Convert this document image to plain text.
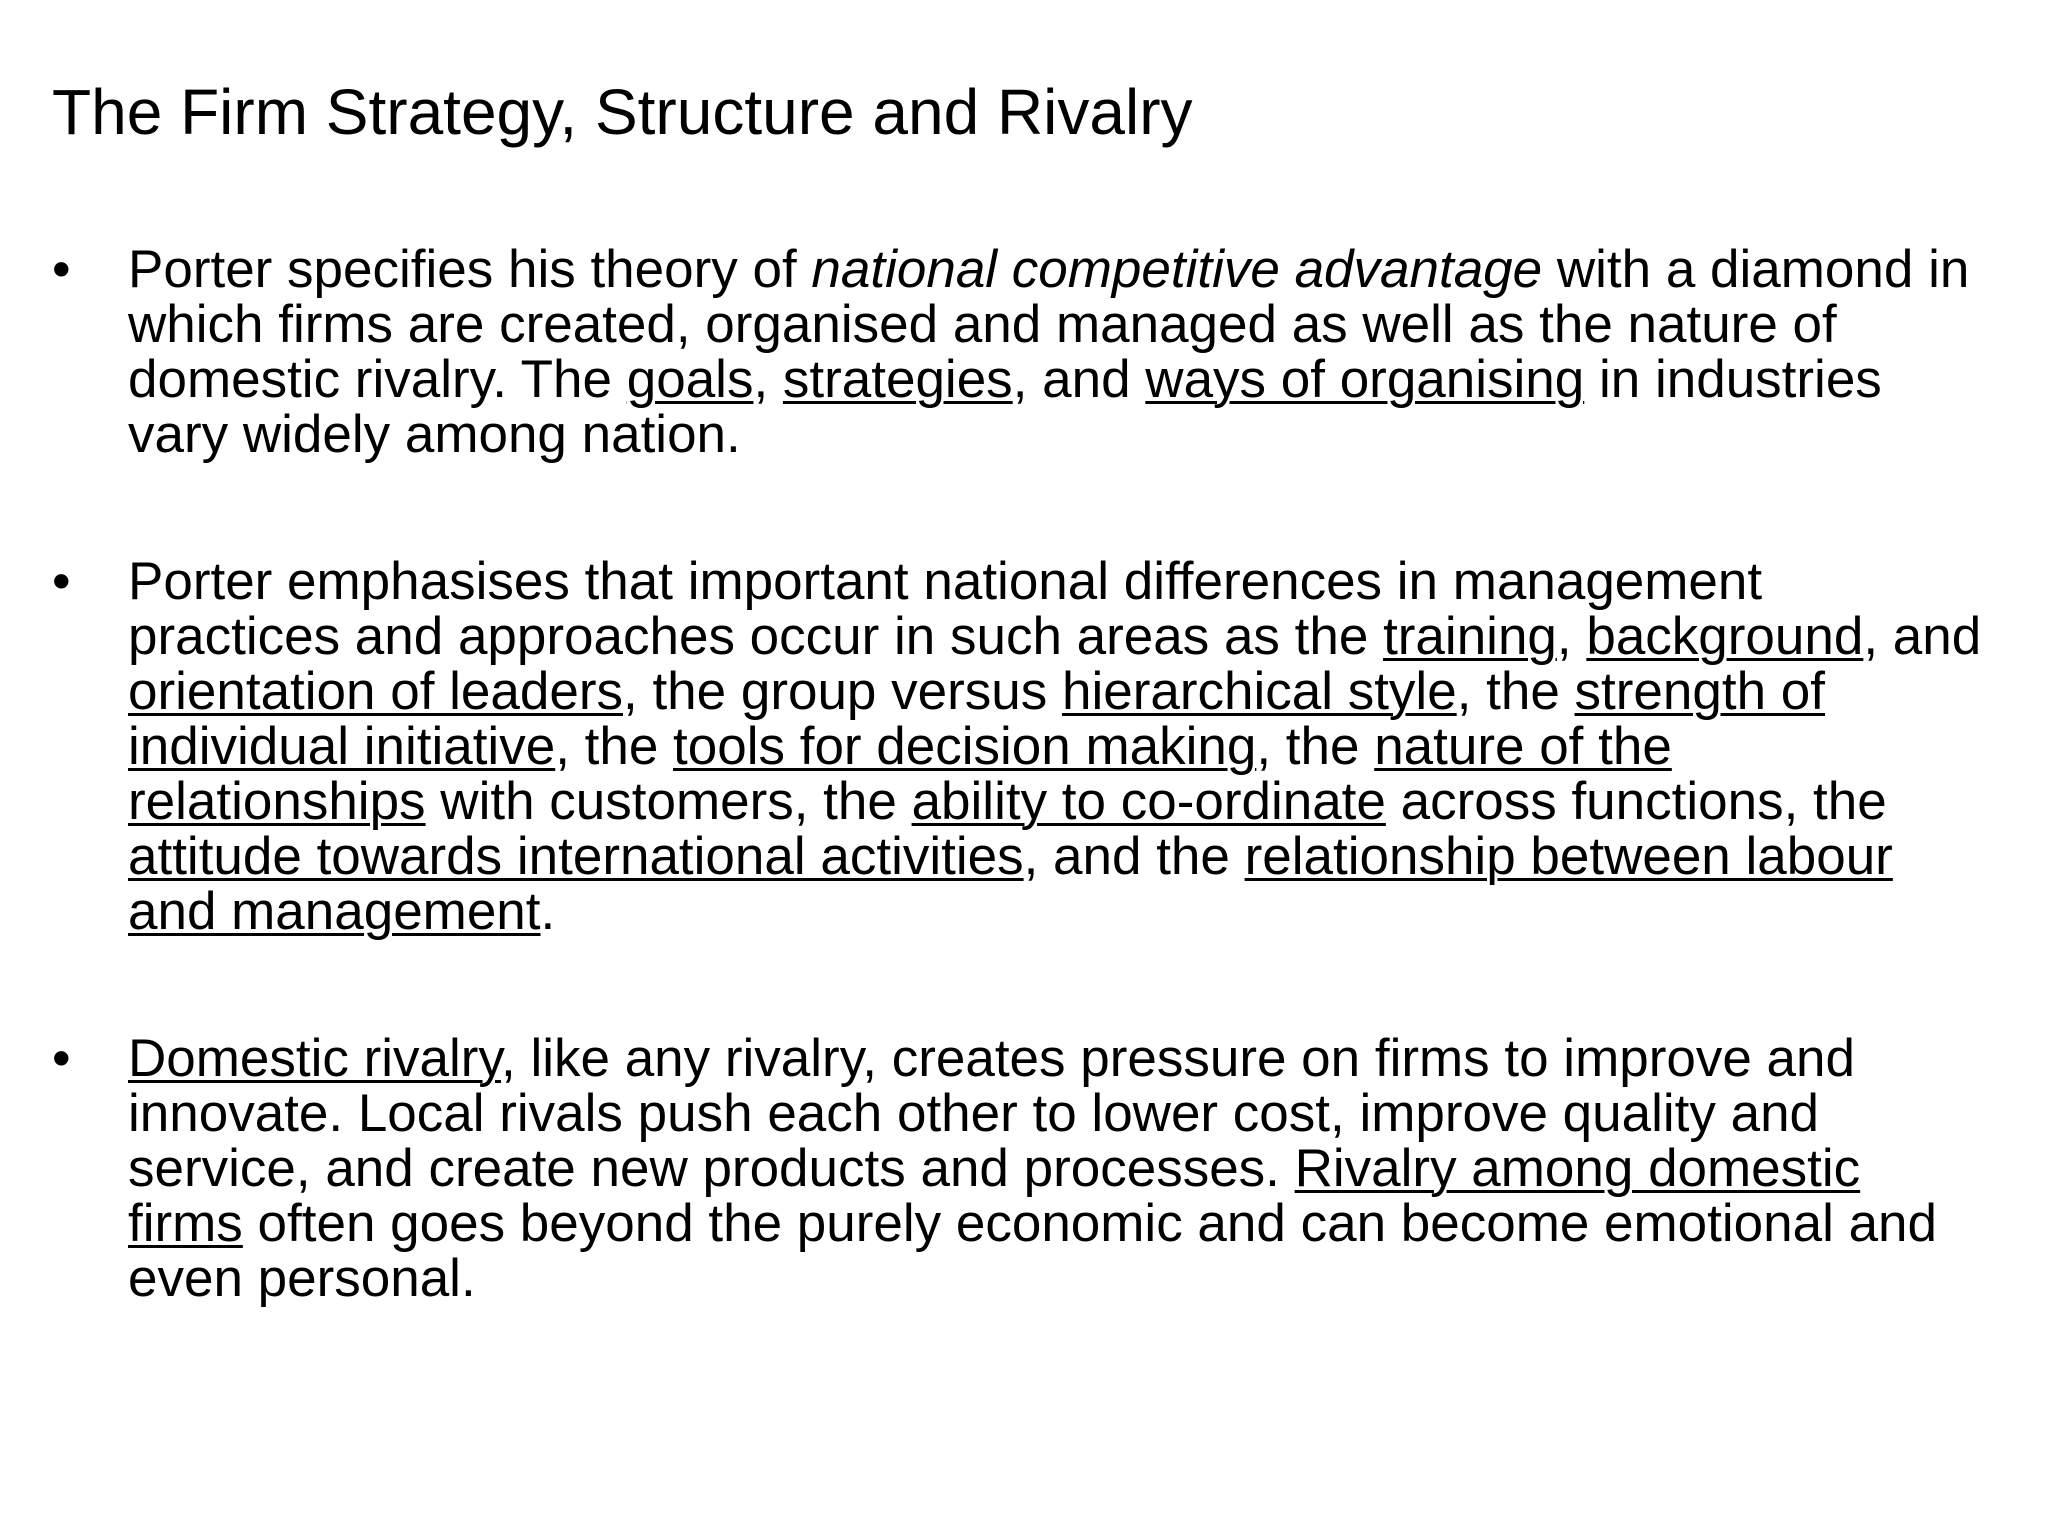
The Firm Strategy, Structure and Rivalry
• Porter specifies his theory of national competitive advantage with a diamond in which firms are created, organised and managed as well as the nature of domestic rivalry. The goals, strategies, and ways of organising in industries vary widely among nation.
• Porter emphasises that important national differences in management practices and approaches occur in such areas as the training, background, and orientation of leaders, the group versus hierarchical style, the strength of individual initiative, the tools for decision making, the nature of the relationships with customers, the ability to co-ordinate across functions, the attitude towards international activities, and the relationship between labour and management.
• Domestic rivalry, like any rivalry, creates pressure on firms to improve and innovate. Local rivals push each other to lower cost, improve quality and service, and create new products and processes. Rivalry among domestic firms often goes beyond the purely economic and can become emotional and even personal.
